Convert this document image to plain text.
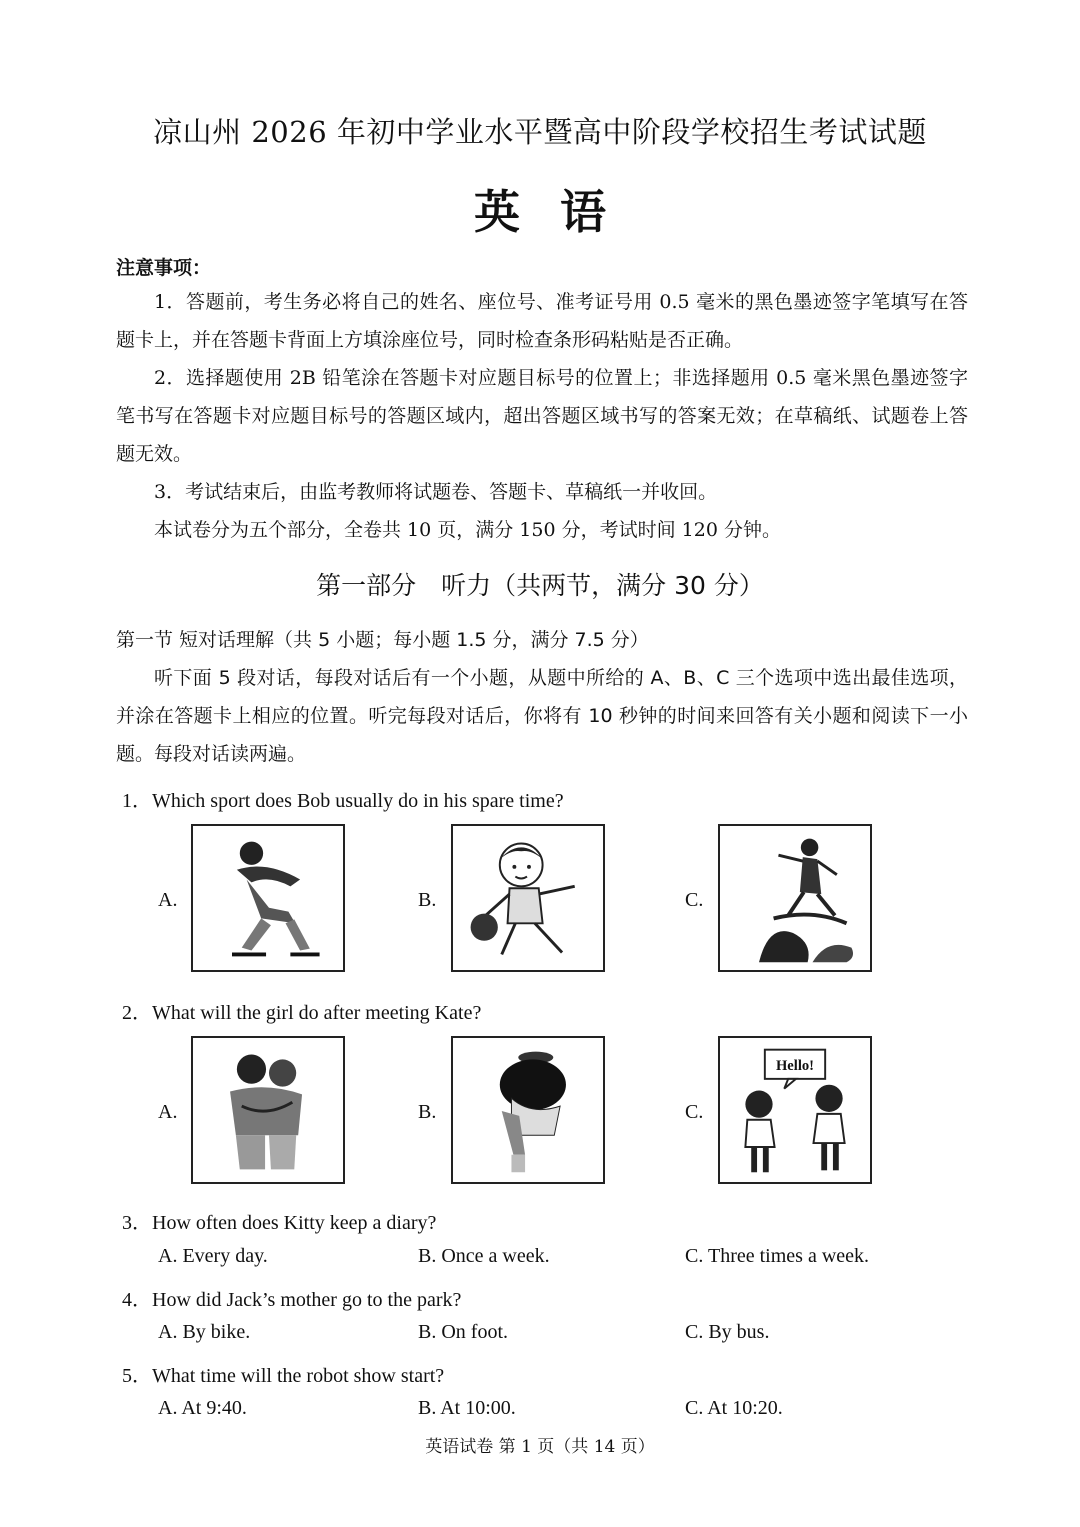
凉山州 2026 年初中学业水平暨高中阶段学校招生考试试题
英语
注意事项：
1．答题前，考生务必将自己的姓名、座位号、准考证号用 0.5 毫米的黑色墨迹签字笔填写在答题卡上，并在答题卡背面上方填涂座位号，同时检查条形码粘贴是否正确。
2．选择题使用 2B 铅笔涂在答题卡对应题目标号的位置上；非选择题用 0.5 毫米黑色墨迹签字笔书写在答题卡对应题目标号的答题区域内，超出答题区域书写的答案无效；在草稿纸、试题卷上答题无效。
3．考试结束后，由监考教师将试题卷、答题卡、草稿纸一并收回。
本试卷分为五个部分，全卷共 10 页，满分 150 分，考试时间 120 分钟。
第一部分　听力（共两节，满分 30 分）
第一节 短对话理解（共 5 小题；每小题 1.5 分，满分 7.5 分）
听下面 5 段对话，每段对话后有一个小题，从题中所给的 A、B、C 三个选项中选出最佳选项，并涂在答题卡上相应的位置。听完每段对话后，你将有 10 秒钟的时间来回答有关小题和阅读下一小题。每段对话读两遍。
1．Which sport does Bob usually do in his spare time?
A.	B.	C.
2．What will the girl do after meeting Kate?
A.	B.	C.
Hello!
3．How often does Kitty keep a diary?
A. Every day.	B. Once a week.	C. Three times a week.
4．How did Jack’s mother go to the park?
A. By bike.	B. On foot.	C. By bus.
5．What time will the robot show start?
A. At 9:40.	B. At 10:00.	C. At 10:20.
英语试卷 第 1 页（共 14 页）
